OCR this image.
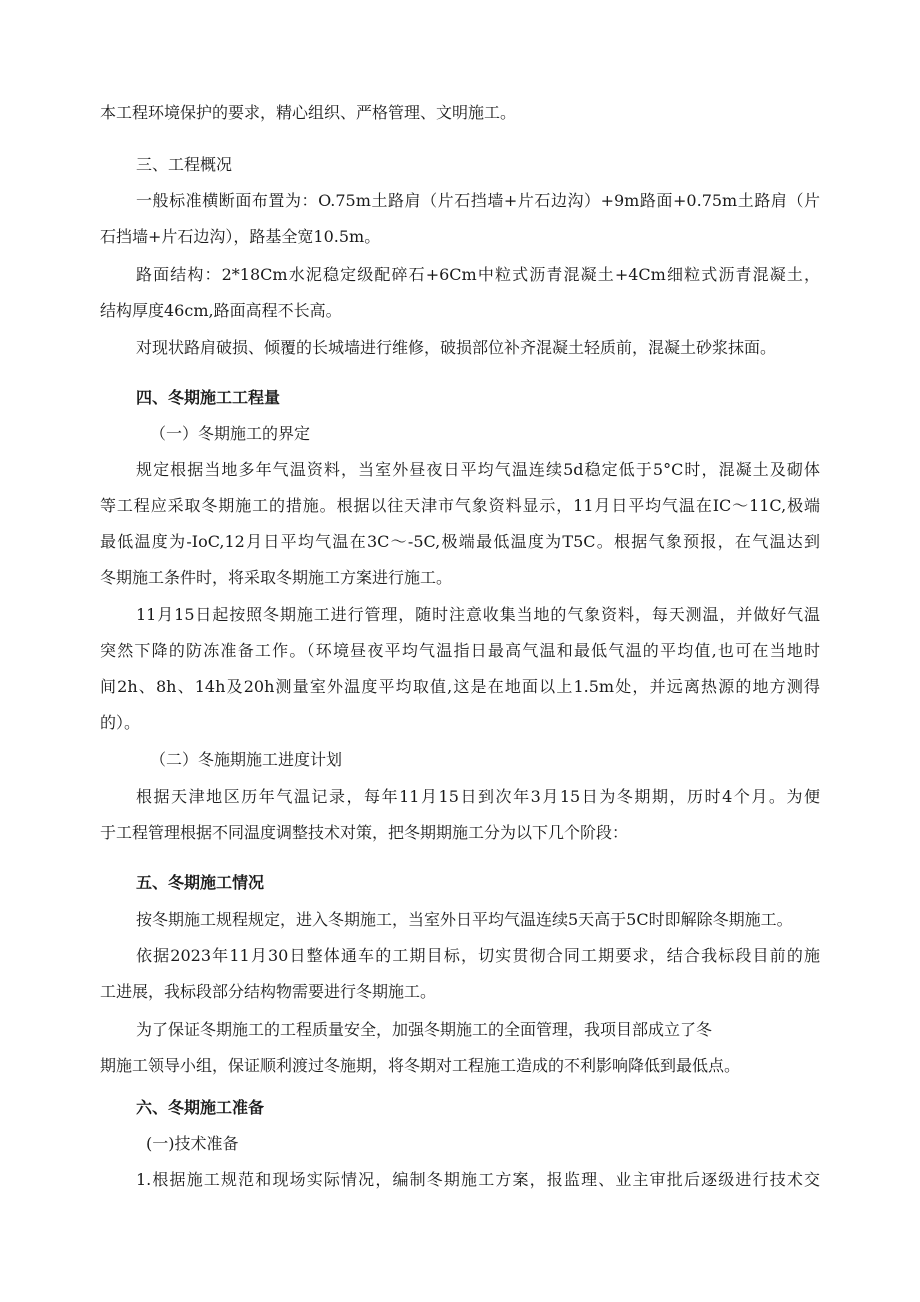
本工程环境保护的要求，精心组织、严格管理、文明施工。
三、工程概况
一般标准横断面布置为：O.75m土路肩（片石挡墙+片石边沟）+9m路面+0.75m土路肩（片
石挡墙+片石边沟），路基全宽10.5m。
路面结构：2*18Cm水泥稳定级配碎石+6Cm中粒式沥青混凝土+4Cm细粒式沥青混凝土，
结构厚度46cm,路面高程不长高。
对现状路肩破损、倾覆的长城墙进行维修，破损部位补齐混凝土轻质前，混凝土砂浆抹面。
四、冬期施工工程量
（一）冬期施工的界定
规定根据当地多年气温资料，当室外昼夜日平均气温连续5d稳定低于5°C时，混凝土及砌体
等工程应采取冬期施工的措施。根据以往天津市气象资料显示，11月日平均气温在IC～11C,极端
最低温度为-IoC,12月日平均气温在3C～-5C,极端最低温度为T5C。根据气象预报，在气温达到
冬期施工条件时，将采取冬期施工方案进行施工。
11月15日起按照冬期施工进行管理，随时注意收集当地的气象资料，每天测温，并做好气温
突然下降的防冻准备工作。（环境昼夜平均气温指日最高气温和最低气温的平均值,也可在当地时
间2h、8h、14h及20h测量室外温度平均取值,这是在地面以上1.5m处，并远离热源的地方测得
的）。
（二）冬施期施工进度计划
根据天津地区历年气温记录，每年11月15日到次年3月15日为冬期期，历时4个月。为便
于工程管理根据不同温度调整技术对策，把冬期期施工分为以下几个阶段：
五、冬期施工情况
按冬期施工规程规定，进入冬期施工，当室外日平均气温连续5天高于5C时即解除冬期施工。
依据2023年11月30日整体通车的工期目标，切实贯彻合同工期要求，结合我标段目前的施
工进展，我标段部分结构物需要进行冬期施工。
为了保证冬期施工的工程质量安全，加强冬期施工的全面管理，我项目部成立了冬
期施工领导小组，保证顺利渡过冬施期，将冬期对工程施工造成的不利影响降低到最低点。
六、冬期施工准备
(一)技术准备
1.根据施工规范和现场实际情况，编制冬期施工方案，报监理、业主审批后逐级进行技术交
